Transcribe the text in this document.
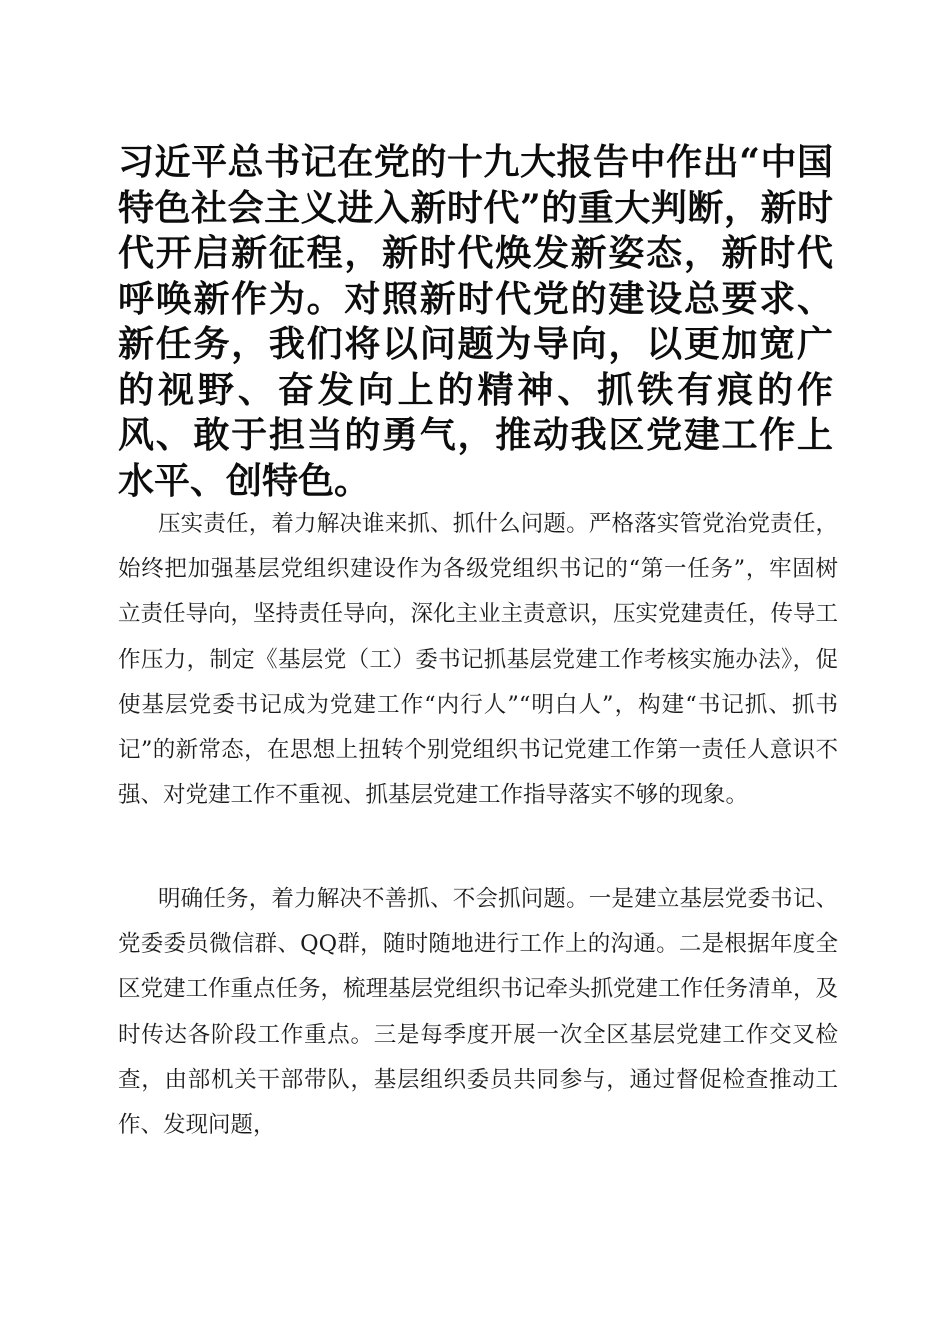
习近平总书记在党的十九大报告中作出“中国特色社会主义进入新时代”的重大判断，新时代开启新征程，新时代焕发新姿态，新时代呼唤新作为。对照新时代党的建设总要求、新任务，我们将以问题为导向，以更加宽广的视野、奋发向上的精神、抓铁有痕的作风、敢于担当的勇气，推动我区党建工作上水平、创特色。

压实责任，着力解决谁来抓、抓什么问题。严格落实管党治党责任，始终把加强基层党组织建设作为各级党组织书记的“第一任务”，牢固树立责任导向，坚持责任导向，深化主业主责意识，压实党建责任，传导工作压力，制定《基层党（工）委书记抓基层党建工作考核实施办法》，促使基层党委书记成为党建工作“内行人”“明白人”，构建“书记抓、抓书记”的新常态，在思想上扭转个别党组织书记党建工作第一责任人意识不强、对党建工作不重视、抓基层党建工作指导落实不够的现象。

明确任务，着力解决不善抓、不会抓问题。一是建立基层党委书记、党委委员微信群、QQ群，随时随地进行工作上的沟通。二是根据年度全区党建工作重点任务，梳理基层党组织书记牵头抓党建工作任务清单，及时传达各阶段工作重点。三是每季度开展一次全区基层党建工作交叉检查，由部机关干部带队，基层组织委员共同参与，通过督促检查推动工作、发现问题，
